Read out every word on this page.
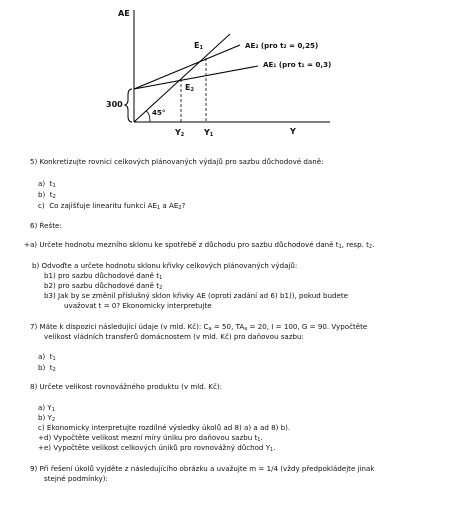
AE
Y
300
45°
$E_1$
$E_2$
AE₂ (pro t₂ = 0,25)
AE₁ (pro t₁ = 0,3)
$Y_2$ $Y_1$
5) Konkretizujte rovnici celkových plánovaných výdajů pro sazbu důchodové daně:
a) $t_1$
b) $t_2$
c) Co zajišťuje linearitu funkcí $AE_1$ a $AE_2$?
6) Řešte:
+a) Určete hodnotu mezního sklonu ke spotřebě z důchodu pro sazbu důchodové daně $t_1$, resp. $t_2$.
b) Odvoďte a určete hodnotu sklonu křivky celkových plánovaných výdajů:
b1) pro sazbu důchodové daně $t_1$
b2) pro sazbu důchodové daně $t_2$
b3) Jak by se změnil příslušný sklon křivky AE (oproti zadání ad 6) b1)), pokud budete
uvažovat t = 0? Ekonomicky interpretujte
7) Máte k dispozici následující údaje (v mld. Kč): $C_a = 50$, $TA_a = 20$, I = 100, G = 90. Vypočtěte
velikost vládních transferů domácnostem (v mld. Kč) pro daňovou sazbu:
a) $t_1$
b) $t_2$
8) Určete velikost rovnovážného produktu (v mld. Kč):
a) $Y_1$
b) $Y_2$
c) Ekonomicky interpretujte rozdílné výsledky úkolů ad 8) a) a ad 8) b).
+d) Vypočtěte velikost mezní míry úniku pro daňovou sazbu $t_1$.
+e) Vypočtěte velikost celkových úniků pro rovnovážný důchod $Y_1$.
9) Při řešení úkolů vyjděte z následujícího obrázku a uvažujte m = 1/4 (vždy předpokládejte jinak
stejné podmínky):
